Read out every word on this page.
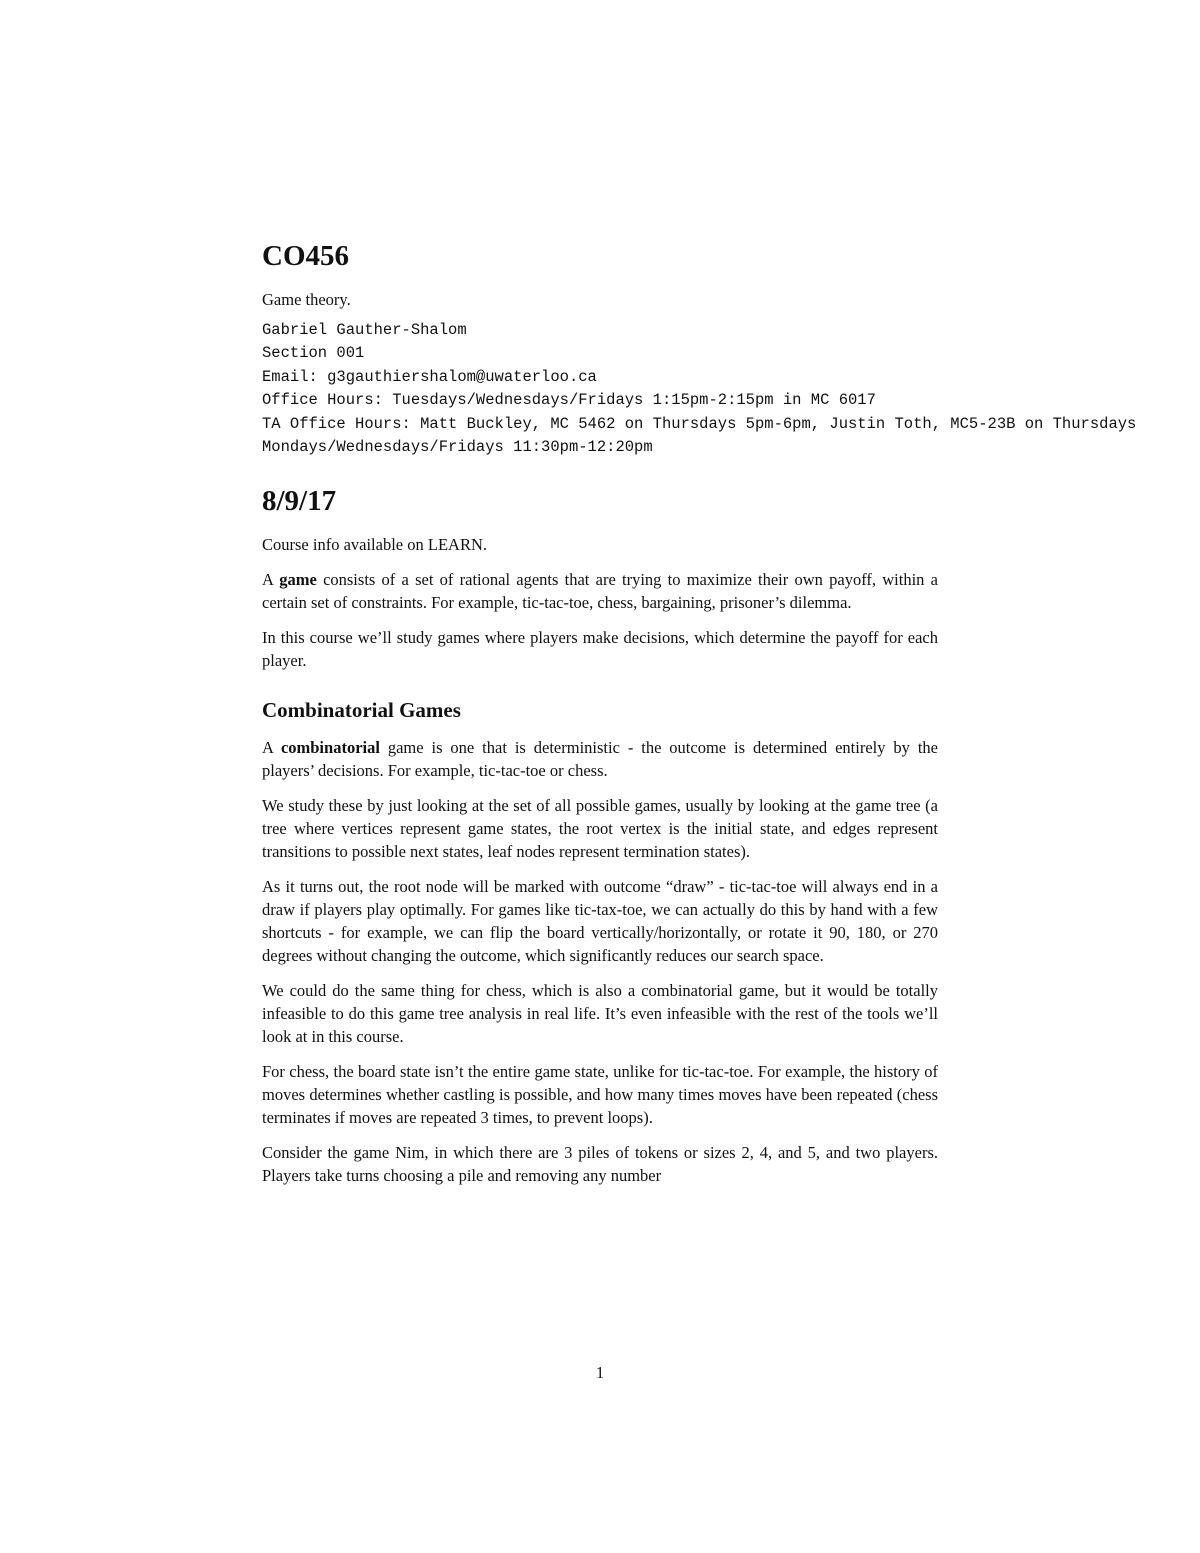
CO456

Game theory.

Gabriel Gauther-Shalom
Section 001
Email: g3gauthiershalom@uwaterloo.ca
Office Hours: Tuesdays/Wednesdays/Fridays 1:15pm-2:15pm in MC 6017
TA Office Hours: Matt Buckley, MC 5462 on Thursdays 5pm-6pm, Justin Toth, MC5-23B on Thursdays
Mondays/Wednesdays/Fridays 11:30pm-12:20pm
8/9/17

Course info available on LEARN.

A game consists of a set of rational agents that are trying to maximize their own payoff, within a certain set of constraints. For example, tic-tac-toe, chess, bargaining, prisoner’s dilemma.

In this course we’ll study games where players make decisions, which determine the payoff for each player.

Combinatorial Games

A combinatorial game is one that is deterministic - the outcome is determined entirely by the players’ decisions. For example, tic-tac-toe or chess.

We study these by just looking at the set of all possible games, usually by looking at the game tree (a tree where vertices represent game states, the root vertex is the initial state, and edges represent transitions to possible next states, leaf nodes represent termination states).

As it turns out, the root node will be marked with outcome “draw” - tic-tac-toe will always end in a draw if players play optimally. For games like tic-tax-toe, we can actually do this by hand with a few shortcuts - for example, we can flip the board vertically/horizontally, or rotate it 90, 180, or 270 degrees without changing the outcome, which significantly reduces our search space.

We could do the same thing for chess, which is also a combinatorial game, but it would be totally infeasible to do this game tree analysis in real life. It’s even infeasible with the rest of the tools we’ll look at in this course.

For chess, the board state isn’t the entire game state, unlike for tic-tac-toe. For example, the history of moves determines whether castling is possible, and how many times moves have been repeated (chess terminates if moves are repeated 3 times, to prevent loops).

Consider the game Nim, in which there are 3 piles of tokens or sizes 2, 4, and 5, and two players. Players take turns choosing a pile and removing any number

1
